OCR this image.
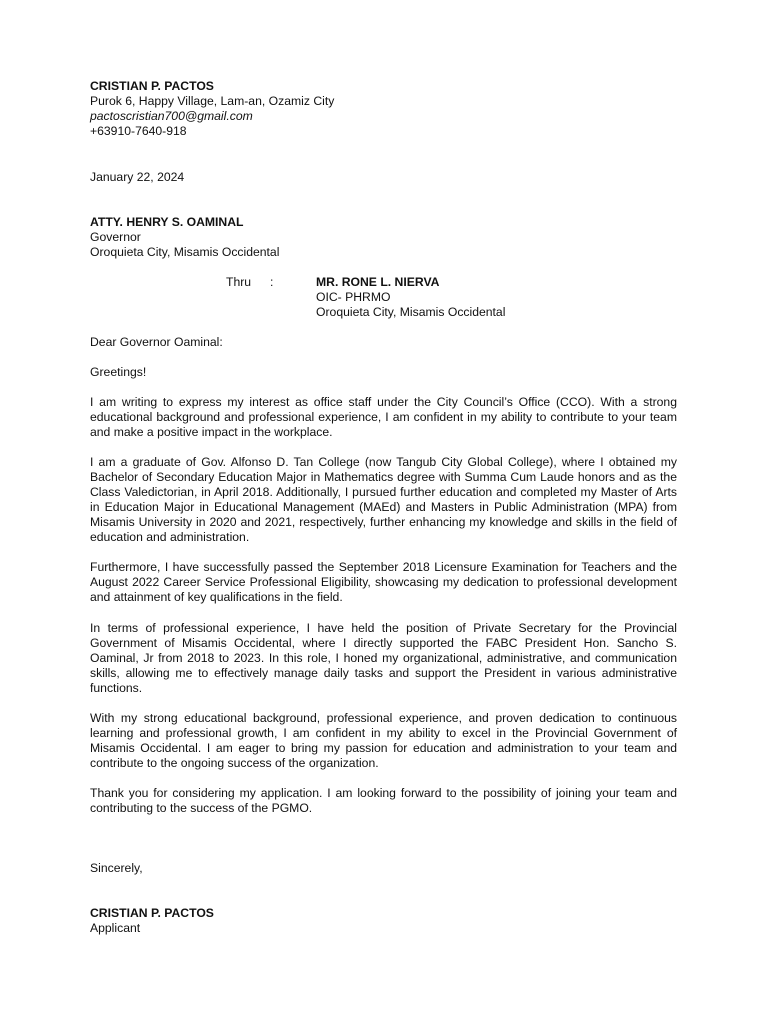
CRISTIAN P. PACTOS
Purok 6, Happy Village, Lam-an, Ozamiz City
pactoscristian700@gmail.com
+63910-7640-918
January 22, 2024
ATTY. HENRY S. OAMINAL
Governor
Oroquieta City, Misamis Occidental
Thru :	MR. RONE L. NIERVA
OIC- PHRMO
Oroquieta City, Misamis Occidental
Dear Governor Oaminal:
Greetings!

I am writing to express my interest as office staff under the City Council’s Office (CCO). With a strong educational background and professional experience, I am confident in my ability to contribute to your team and make a positive impact in the workplace.

I am a graduate of Gov. Alfonso D. Tan College (now Tangub City Global College), where I obtained my Bachelor of Secondary Education Major in Mathematics degree with Summa Cum Laude honors and as the Class Valedictorian, in April 2018. Additionally, I pursued further education and completed my Master of Arts in Education Major in Educational Management (MAEd) and Masters in Public Administration (MPA) from Misamis University in 2020 and 2021, respectively, further enhancing my knowledge and skills in the field of education and administration.

Furthermore, I have successfully passed the September 2018 Licensure Examination for Teachers and the August 2022 Career Service Professional Eligibility, showcasing my dedication to professional development and attainment of key qualifications in the field.

In terms of professional experience, I have held the position of Private Secretary for the Provincial Government of Misamis Occidental, where I directly supported the FABC President Hon. Sancho S. Oaminal, Jr from 2018 to 2023. In this role, I honed my organizational, administrative, and communication skills, allowing me to effectively manage daily tasks and support the President in various administrative functions.

With my strong educational background, professional experience, and proven dedication to continuous learning and professional growth, I am confident in my ability to excel in the Provincial Government of Misamis Occidental. I am eager to bring my passion for education and administration to your team and contribute to the ongoing success of the organization.

Thank you for considering my application. I am looking forward to the possibility of joining your team and contributing to the success of the PGMO.

Sincerely,
CRISTIAN P. PACTOS
Applicant
